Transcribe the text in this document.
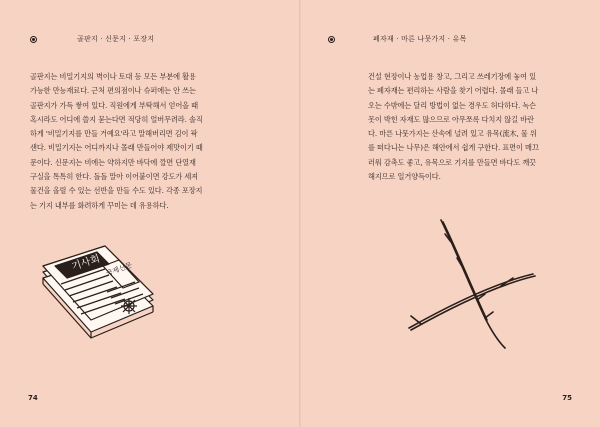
골판지 · 신문지 · 포장지
골판지는 비밀기지의 벽이나 토대 등 모든 부분에 활용
가능한 만능재료다. 근처 편의점이나 슈퍼에는 안 쓰는
골판지가 가득 쌓여 있다. 직원에게 부탁해서 얻어올 때
혹시라도 어디에 쓸지 묻는다면 적당히 얼버무려라. 솔직
하게 '비밀기지를 만들 거예요'라고 말해버리면 김이 팍
샌다. 비밀기지는 어디까지나 몰래 만들어야 제맛이기 때
문이다. 신문지는 비에는 약하지만 바닥에 깔면 단열재
구실을 톡톡히 한다. 돌돌 말아 이어붙이면 강도가 세져
물건을 올릴 수 있는 선반을 만들 수도 있다. 각종 포장지
는 기지 내부를 화려하게 꾸미는 데 유용하다.
기사회 국제신문
74
폐자재 · 마른 나뭇가지 · 유목
건설 현장이나 농업용 창고, 그리고 쓰레기장에 놓여 있
는 폐자재는 편리하는 사람을 찾기 어렵다. 몰래 들고 나
오는 수밖에는 달리 방법이 없는 경우도 허다하다. 녹슨
못이 박힌 자재도 많으므로 아무쪼록 다치지 않길 바란
다. 마른 나뭇가지는 산속에 널려 있고 유목(流木, 물 위
를 떠다니는 나무)은 해안에서 쉽게 구한다. 표면이 매끄
러워 감촉도 좋고, 유목으로 기지를 만들면 바다도 깨끗
해지므로 일거양득이다.
75
